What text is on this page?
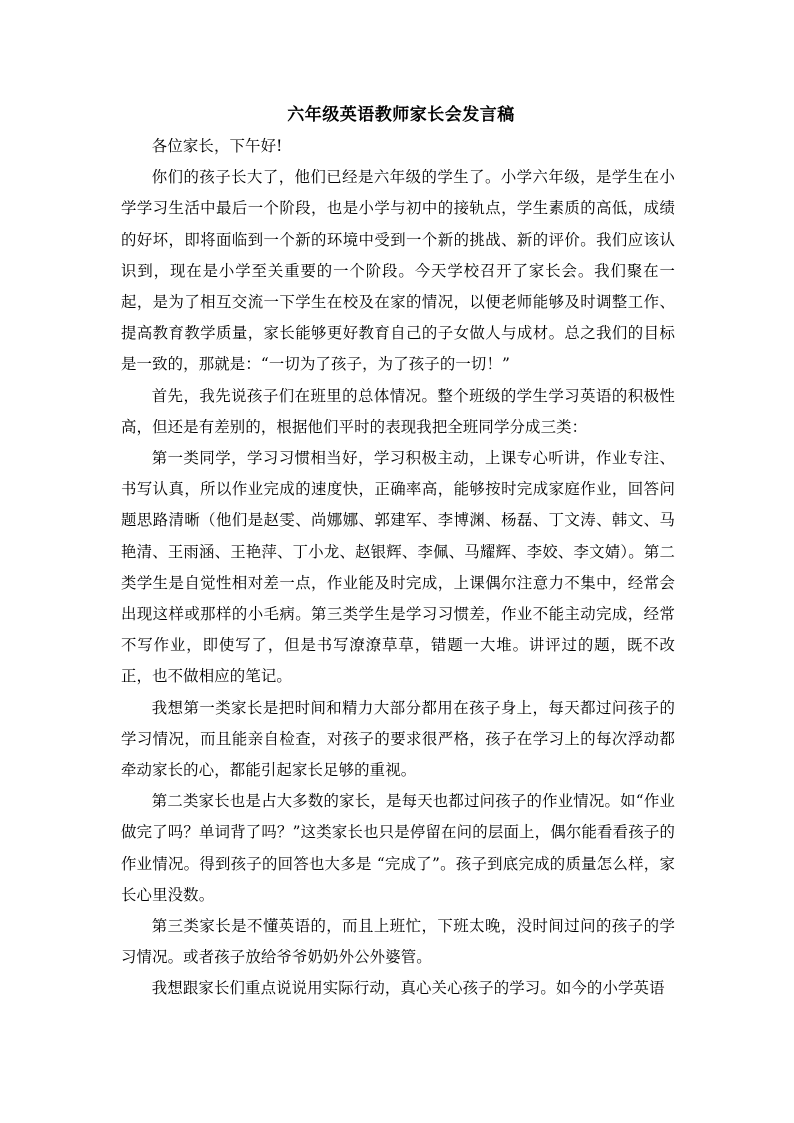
六年级英语教师家长会发言稿

各位家长，下午好!

你们的孩子长大了，他们已经是六年级的学生了。小学六年级，是学生在小学学习生活中最后一个阶段，也是小学与初中的接轨点，学生素质的高低，成绩的好坏，即将面临到一个新的环境中受到一个新的挑战、新的评价。我们应该认识到，现在是小学至关重要的一个阶段。今天学校召开了家长会。我们聚在一起，是为了相互交流一下学生在校及在家的情况，以便老师能够及时调整工作、提高教育教学质量，家长能够更好教育自己的子女做人与成材。总之我们的目标是一致的，那就是：“一切为了孩子，为了孩子的一切！”

首先，我先说孩子们在班里的总体情况。整个班级的学生学习英语的积极性高，但还是有差别的，根据他们平时的表现我把全班同学分成三类：

第一类同学，学习习惯相当好，学习积极主动，上课专心听讲，作业专注、书写认真，所以作业完成的速度快，正确率高，能够按时完成家庭作业，回答问题思路清晰（他们是赵雯、尚娜娜、郭建军、李博渊、杨磊、丁文涛、韩文、马艳清、王雨涵、王艳萍、丁小龙、赵银辉、李佩、马耀辉、李姣、李文婧）。第二类学生是自觉性相对差一点，作业能及时完成，上课偶尔注意力不集中，经常会出现这样或那样的小毛病。第三类学生是学习习惯差，作业不能主动完成，经常不写作业，即使写了，但是书写潦潦草草，错题一大堆。讲评过的题，既不改正，也不做相应的笔记。

我想第一类家长是把时间和精力大部分都用在孩子身上，每天都过问孩子的学习情况，而且能亲自检查，对孩子的要求很严格，孩子在学习上的每次浮动都牵动家长的心，都能引起家长足够的重视。

第二类家长也是占大多数的家长，是每天也都过问孩子的作业情况。如“作业做完了吗？单词背了吗？”这类家长也只是停留在问的层面上，偶尔能看看孩子的作业情况。得到孩子的回答也大多是 “完成了”。孩子到底完成的质量怎么样，家长心里没数。

第三类家长是不懂英语的，而且上班忙，下班太晚，没时间过问的孩子的学习情况。或者孩子放给爷爷奶奶外公外婆管。

我想跟家长们重点说说用实际行动，真心关心孩子的学习。如今的小学英语
